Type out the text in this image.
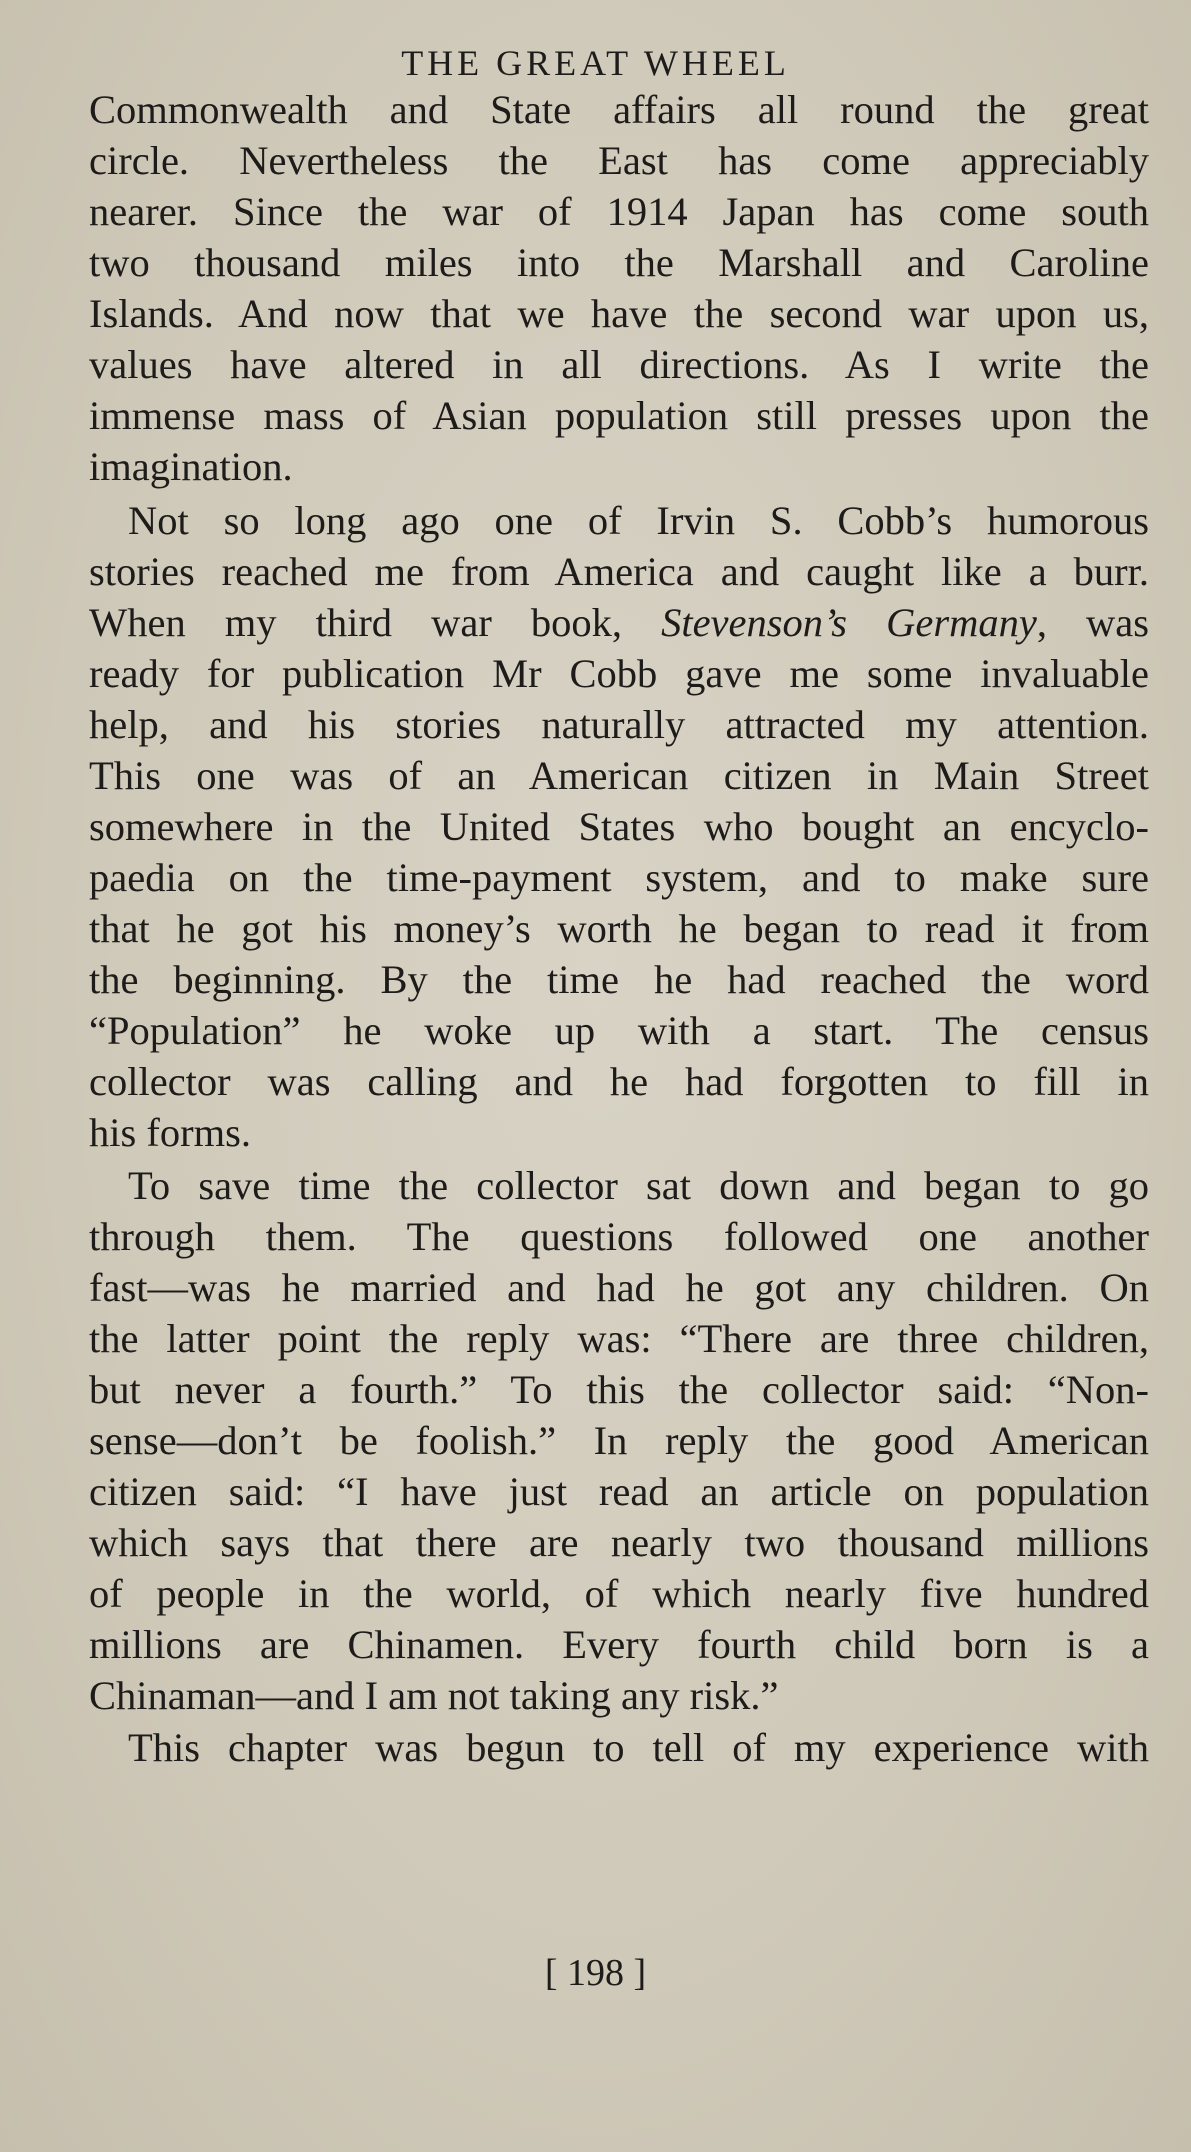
THE GREAT WHEEL
Commonwealth and State affairs all round the great
circle. Nevertheless the East has come appreciably
nearer. Since the war of 1914 Japan has come south
two thousand miles into the Marshall and Caroline
Islands. And now that we have the second war upon us,
values have altered in all directions. As I write the
immense mass of Asian population still presses upon the
imagination.
Not so long ago one of Irvin S. Cobb’s humorous
stories reached me from America and caught like a burr.
When my third war book, Stevenson’s Germany, was
ready for publication Mr Cobb gave me some invaluable
help, and his stories naturally attracted my attention.
This one was of an American citizen in Main Street
somewhere in the United States who bought an encyclo-
paedia on the time-payment system, and to make sure
that he got his money’s worth he began to read it from
the beginning. By the time he had reached the word
“Population” he woke up with a start. The census
collector was calling and he had forgotten to fill in
his forms.
To save time the collector sat down and began to go
through them. The questions followed one another
fast—was he married and had he got any children. On
the latter point the reply was: “There are three children,
but never a fourth.” To this the collector said: “Non-
sense—don’t be foolish.” In reply the good American
citizen said: “I have just read an article on population
which says that there are nearly two thousand millions
of people in the world, of which nearly five hundred
millions are Chinamen. Every fourth child born is a
Chinaman—and I am not taking any risk.”
This chapter was begun to tell of my experience with
[ 198 ]
